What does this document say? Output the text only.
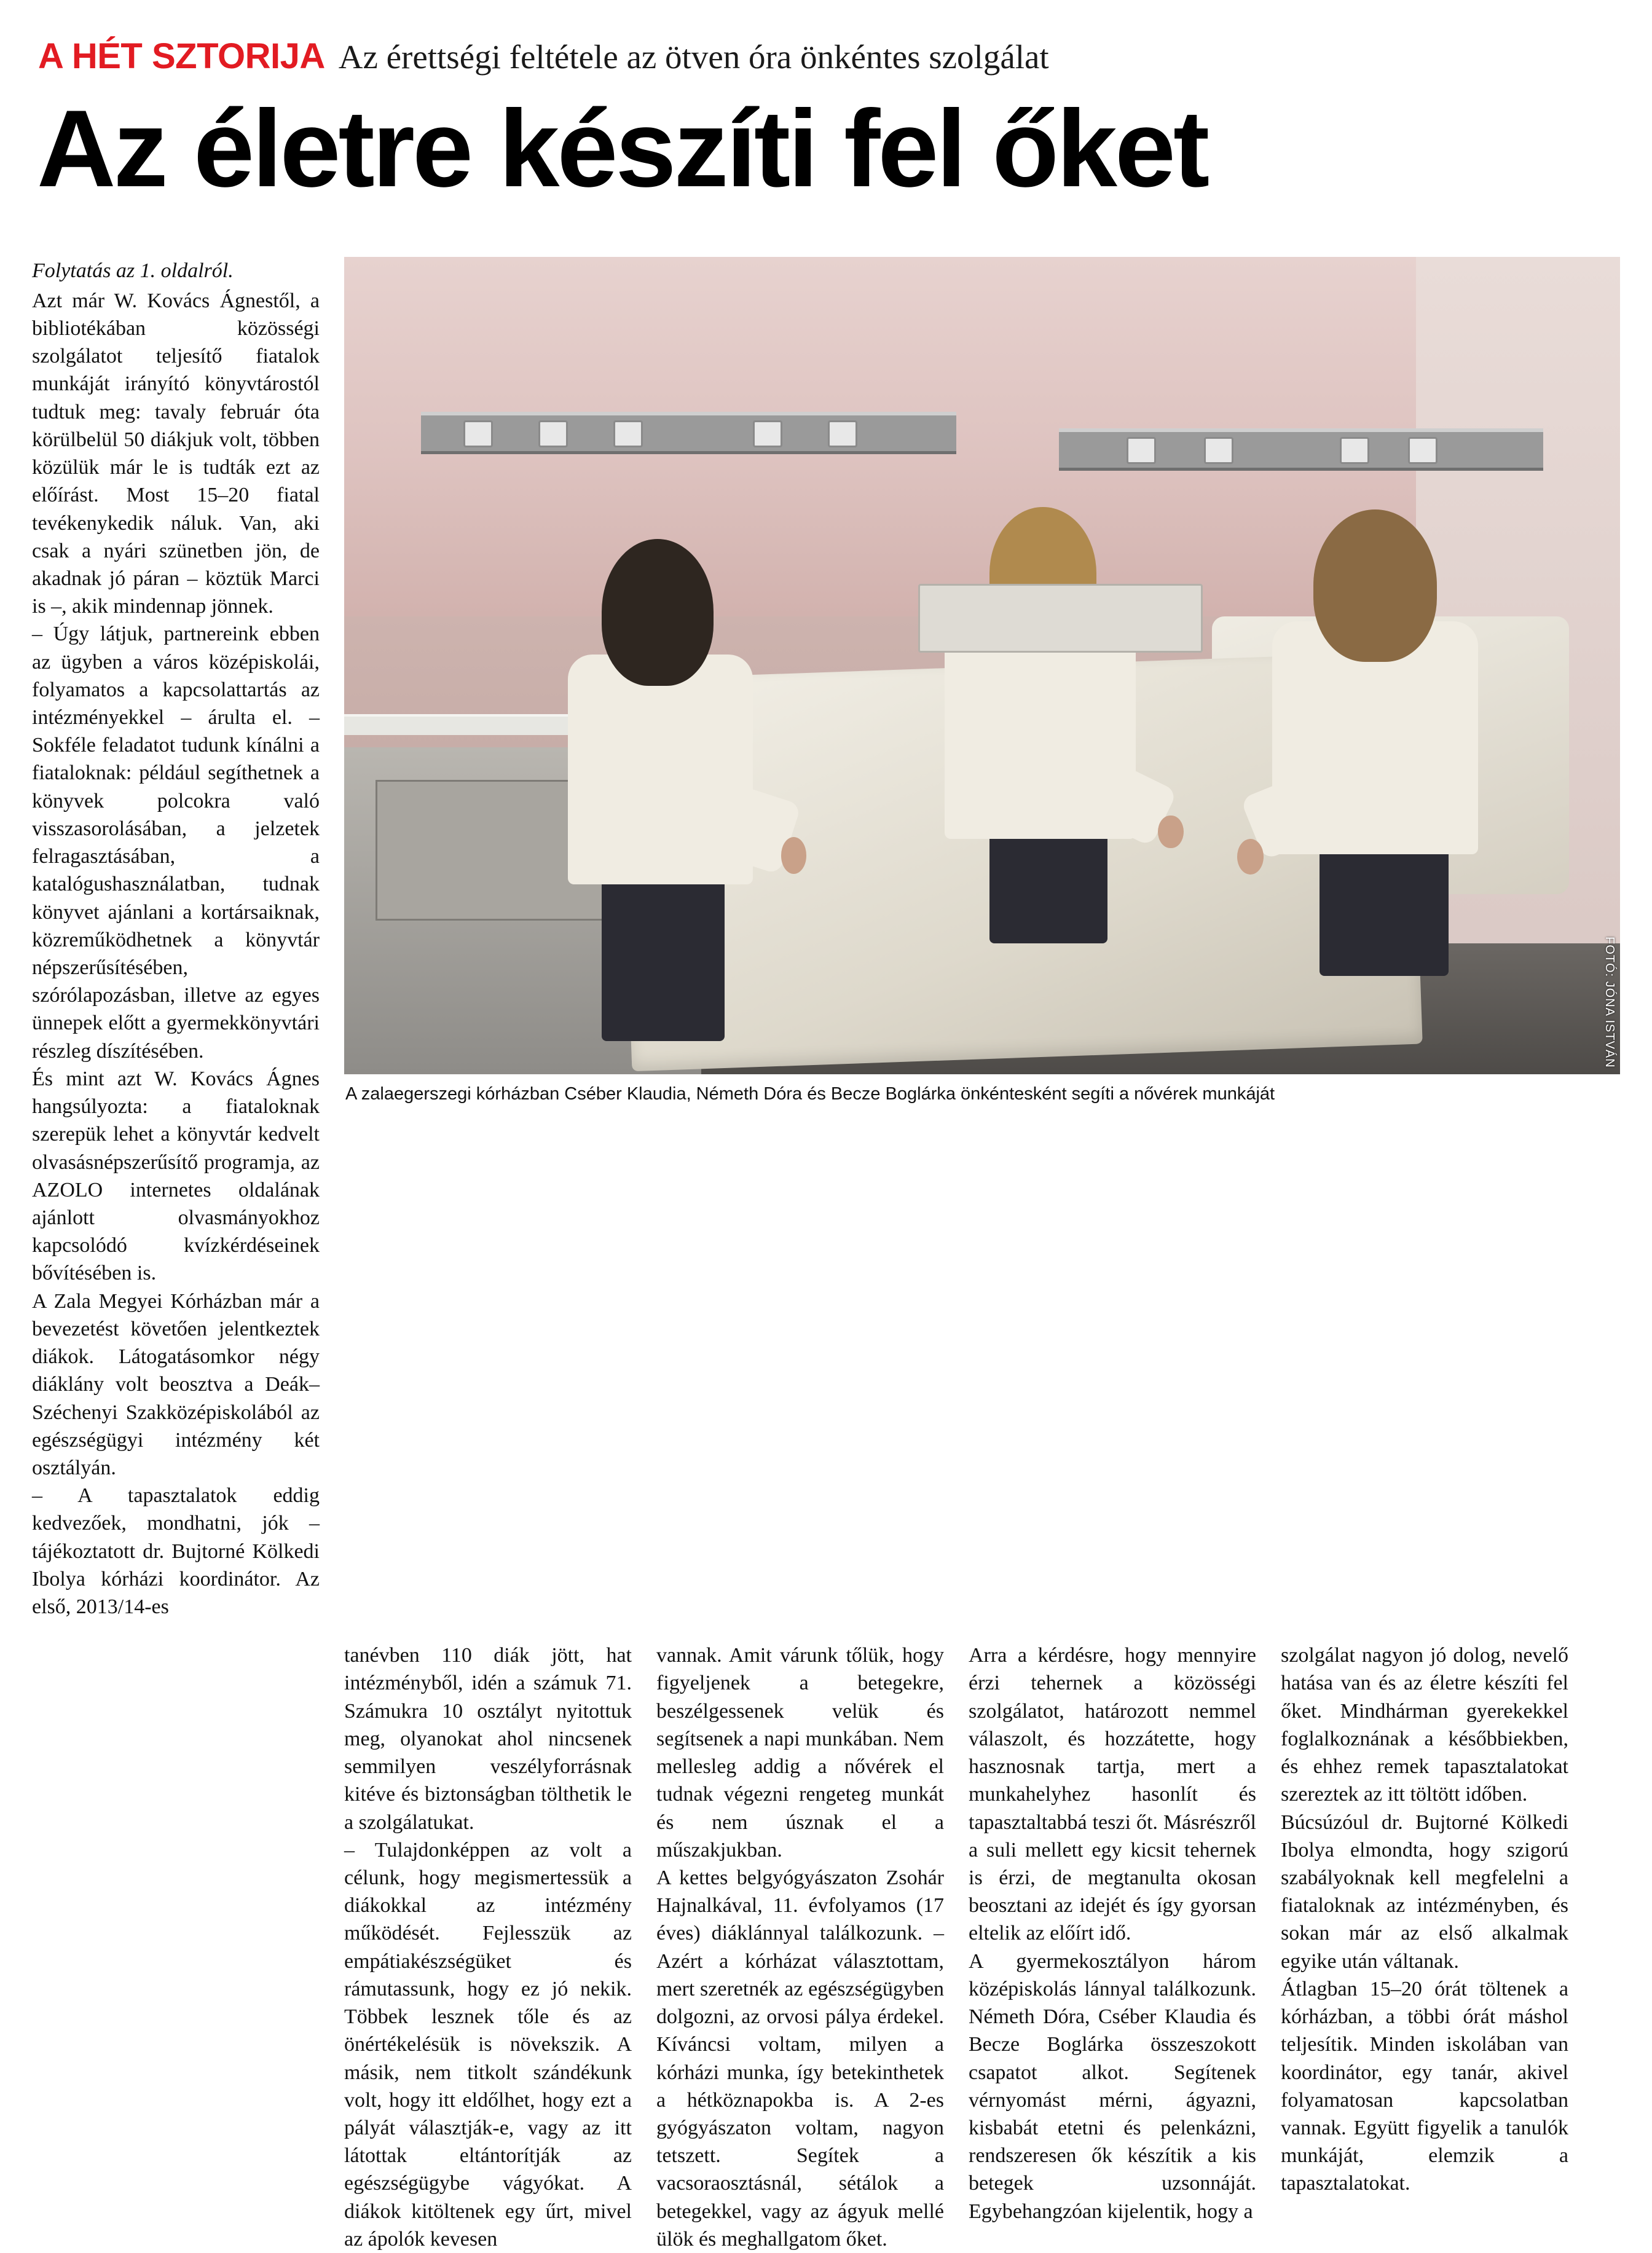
A HÉT SZTORIJA Az érettségi feltétele az ötven óra önkéntes szolgálat
Az életre készíti fel őket

Folytatás az 1. oldalról.

Azt már W. Kovács Ágnestől, a bibliotékában közösségi szolgálatot teljesítő fiatalok munkáját irányító könyvtárostól tudtuk meg: tavaly február óta körülbelül 50 diákjuk volt, többen közülük már le is tudták ezt az előírást. Most 15–20 fiatal tevékenykedik náluk. Van, aki csak a nyári szünetben jön, de akadnak jó páran – köztük Marci is –, akik mindennap jönnek.

– Úgy látjuk, partnereink ebben az ügyben a város középiskolái, folyamatos a kapcsolattartás az intézményekkel – árulta el. – Sokféle feladatot tudunk kínálni a fiataloknak: például segíthetnek a könyvek polcokra való visszasorolásában, a jelzetek felragasztásában, a katalógushasználatban, tudnak könyvet ajánlani a kortársaiknak, közreműködhetnek a könyvtár népszerűsítésében, szórólapozásban, illetve az egyes ünnepek előtt a gyermekkönyvtári részleg díszítésében.

És mint azt W. Kovács Ágnes hangsúlyozta: a fiataloknak szerepük lehet a könyvtár kedvelt olvasásnépszerűsítő programja, az AZOLO internetes oldalának ajánlott olvasmányokhoz kapcsolódó kvízkérdéseinek bővítésében is.

A Zala Megyei Kórházban már a bevezetést követően jelentkeztek diákok. Látogatásomkor négy diáklány volt beosztva a Deák–Széchenyi Szakközépiskolából az egészségügyi intézmény két osztályán.

– A tapasztalatok eddig kedvezőek, mondhatni, jók – tájékoztatott dr. Bujtorné Kölkedi Ibolya kórházi koordinátor. Az első, 2013/14-es

FOTÓ: JÓNA ISTVÁN
A zalaegerszegi kórházban Cséber Klaudia, Németh Dóra és Becze Boglárka önkéntesként segíti a nővérek munkáját

tanévben 110 diák jött, hat intézményből, idén a számuk 71. Számukra 10 osztályt nyitottuk meg, olyanokat ahol nincsenek semmilyen veszélyforrásnak kitéve és biztonságban tölthetik le a szolgálatukat.

– Tulajdonképpen az volt a célunk, hogy megismertessük a diákokkal az intézmény működését. Fejlesszük az empátiakészségüket és rámutassunk, hogy ez jó nekik. Többek lesznek tőle és az önértékelésük is növekszik. A másik, nem titkolt szándékunk volt, hogy itt eldőlhet, hogy ezt a pályát választják-e, vagy az itt látottak eltántorítják az egészségügybe vágyókat. A diákok kitöltenek egy űrt, mivel az ápolók kevesen

vannak. Amit várunk tőlük, hogy figyeljenek a betegekre, beszélgessenek velük és segítsenek a napi munkában. Nem mellesleg addig a nővérek el tudnak végezni rengeteg munkát és nem úsznak el a műszakjukban.

A kettes belgyógyászaton Zsohár Hajnalkával, 11. évfolyamos (17 éves) diáklánnyal találkozunk. – Azért a kórházat választottam, mert szeretnék az egészségügyben dolgozni, az orvosi pálya érdekel. Kíváncsi voltam, milyen a kórházi munka, így betekinthetek a hétköznapokba is. A 2-es gyógyászaton voltam, nagyon tetszett. Segítek a vacsoraosztásnál, sétálok a betegekkel, vagy az ágyuk mellé ülök és meghallgatom őket.

Arra a kérdésre, hogy mennyire érzi tehernek a közösségi szolgálatot, határozott nemmel válaszolt, és hozzátette, hogy hasznosnak tartja, mert a munkahelyhez hasonlít és tapasztaltabbá teszi őt. Másrészről a suli mellett egy kicsit tehernek is érzi, de megtanulta okosan beosztani az idejét és így gyorsan eltelik az előírt idő.

A gyermekosztályon három középiskolás lánnyal találkozunk. Németh Dóra, Cséber Klaudia és Becze Boglárka összeszokott csapatot alkot. Segítenek vérnyomást mérni, ágyazni, kisbabát etetni és pelenkázni, rendszeresen ők készítik a kis betegek uzsonnáját. Egybehangzóan kijelentik, hogy a

szolgálat nagyon jó dolog, nevelő hatása van és az életre készíti fel őket. Mindhárman gyerekekkel foglalkoznának a későbbiekben, és ehhez remek tapasztalatokat szereztek az itt töltött időben.

Búcsúzóul dr. Bujtorné Kölkedi Ibolya elmondta, hogy szigorú szabályoknak kell megfelelni a fiataloknak az intézményben, és sokan már az első alkalmak egyike után váltanak.

Átlagban 15–20 órát töltenek a kórházban, a többi órát máshol teljesítik. Minden iskolában van koordinátor, egy tanár, akivel folyamatosan kapcsolatban vannak. Együtt figyelik a tanulók munkáját, elemzik a tapasztalatokat.
